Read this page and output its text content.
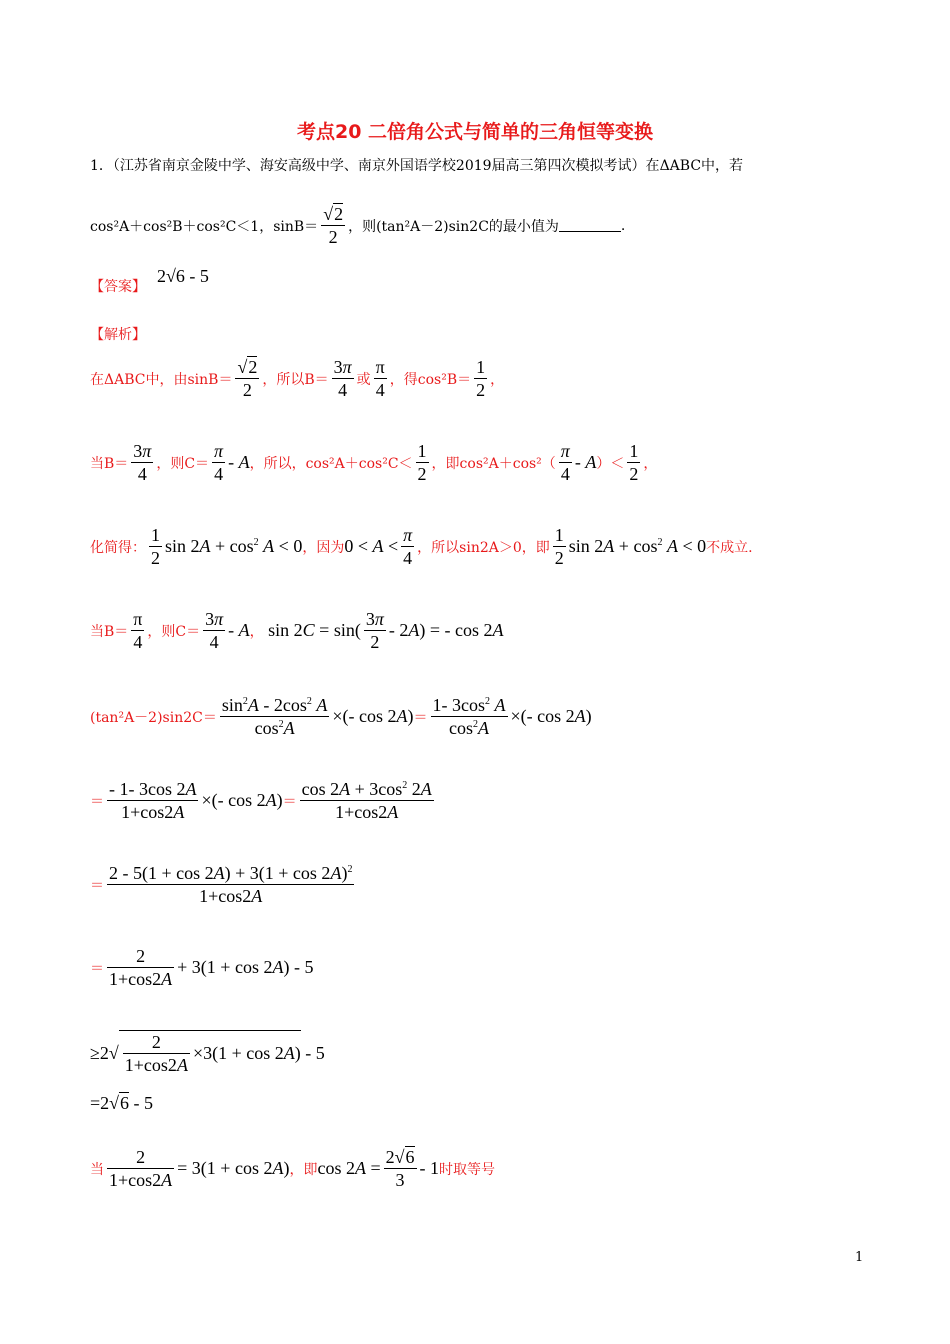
考点20 二倍角公式与简单的三角恒等变换
1．（江苏省南京金陵中学、海安高级中学、南京外国语学校2019届高三第四次模拟考试）在ΔABC中，若
cos²A＋cos²B＋cos²C＜1，$\sin B= \frac{√2}{2}$ ，则(tan²A－2)sin2C的最小值为	.
【答案】
2√6 - 5
【解析】
在ΔABC中，由$\sin B= \frac{√2}{2}$ ，所以$B= \frac{3\pi}{4}$ 或 $\frac{\pi}{4}$ ，得$\cos^2B= \frac{1}{2}$ ，
当$B= \frac{3\pi}{4}$ ，则$C= \frac{\pi}{4} - A$ ，所以，$\cos^2A+\cos^2C< \frac{1}{2}$ ，即$\cos^2A+\cos^2( \frac{\pi}{4} - A$ ）＜ $\frac{1}{2}$ ，
化简得： $\frac{1}{2}$ $\sin 2A + \cos^2 A < 0$ ，因为 $0 < A < \frac{\pi}{4}$ ，所以sin2A＞0，即 $\frac{1}{2}$ $\sin 2A + \cos^2 A < 0$ 不成立.
当$B= \frac{\pi}{4}$ ，则$C= \frac{3\pi}{4} - A$ ， $\sin 2C = \sin( \frac{3\pi}{2} - 2A)$ = - cos 2A
$(\tan^2A-2)\sin 2C= \frac{\sin^2A - 2\cos^2 A}{\cos^2A}$ ×(- $\cos 2A) = \frac{1- 3\cos^2 A}{\cos^2A}$ ×(- cos 2A)
＝ $\frac{- 1- 3\cos 2A}{1+\cos 2A}$ ×(- $\cos 2A) = \frac{\cos 2A + 3\cos^2 2A}{1+\cos 2A}$
＝ $\frac{2 - 5(1 + \cos 2A) + 3(1 + \cos 2A)^2}{1+\cos 2A}$
＝ $\frac{2}{1+\cos 2A} + 3(1 + \cos 2A) - 5$
≥ $2√ \frac{2}{1+\cos 2A} \times 3(1 + \cos 2$ A ) - 5
=2√6 - 5
当 $\frac{2}{1+\cos 2A} = 3(1 + \cos 2A)$ ，即 $\cos 2A = \frac{2√6}{3} - 1$ 时取等号
1
